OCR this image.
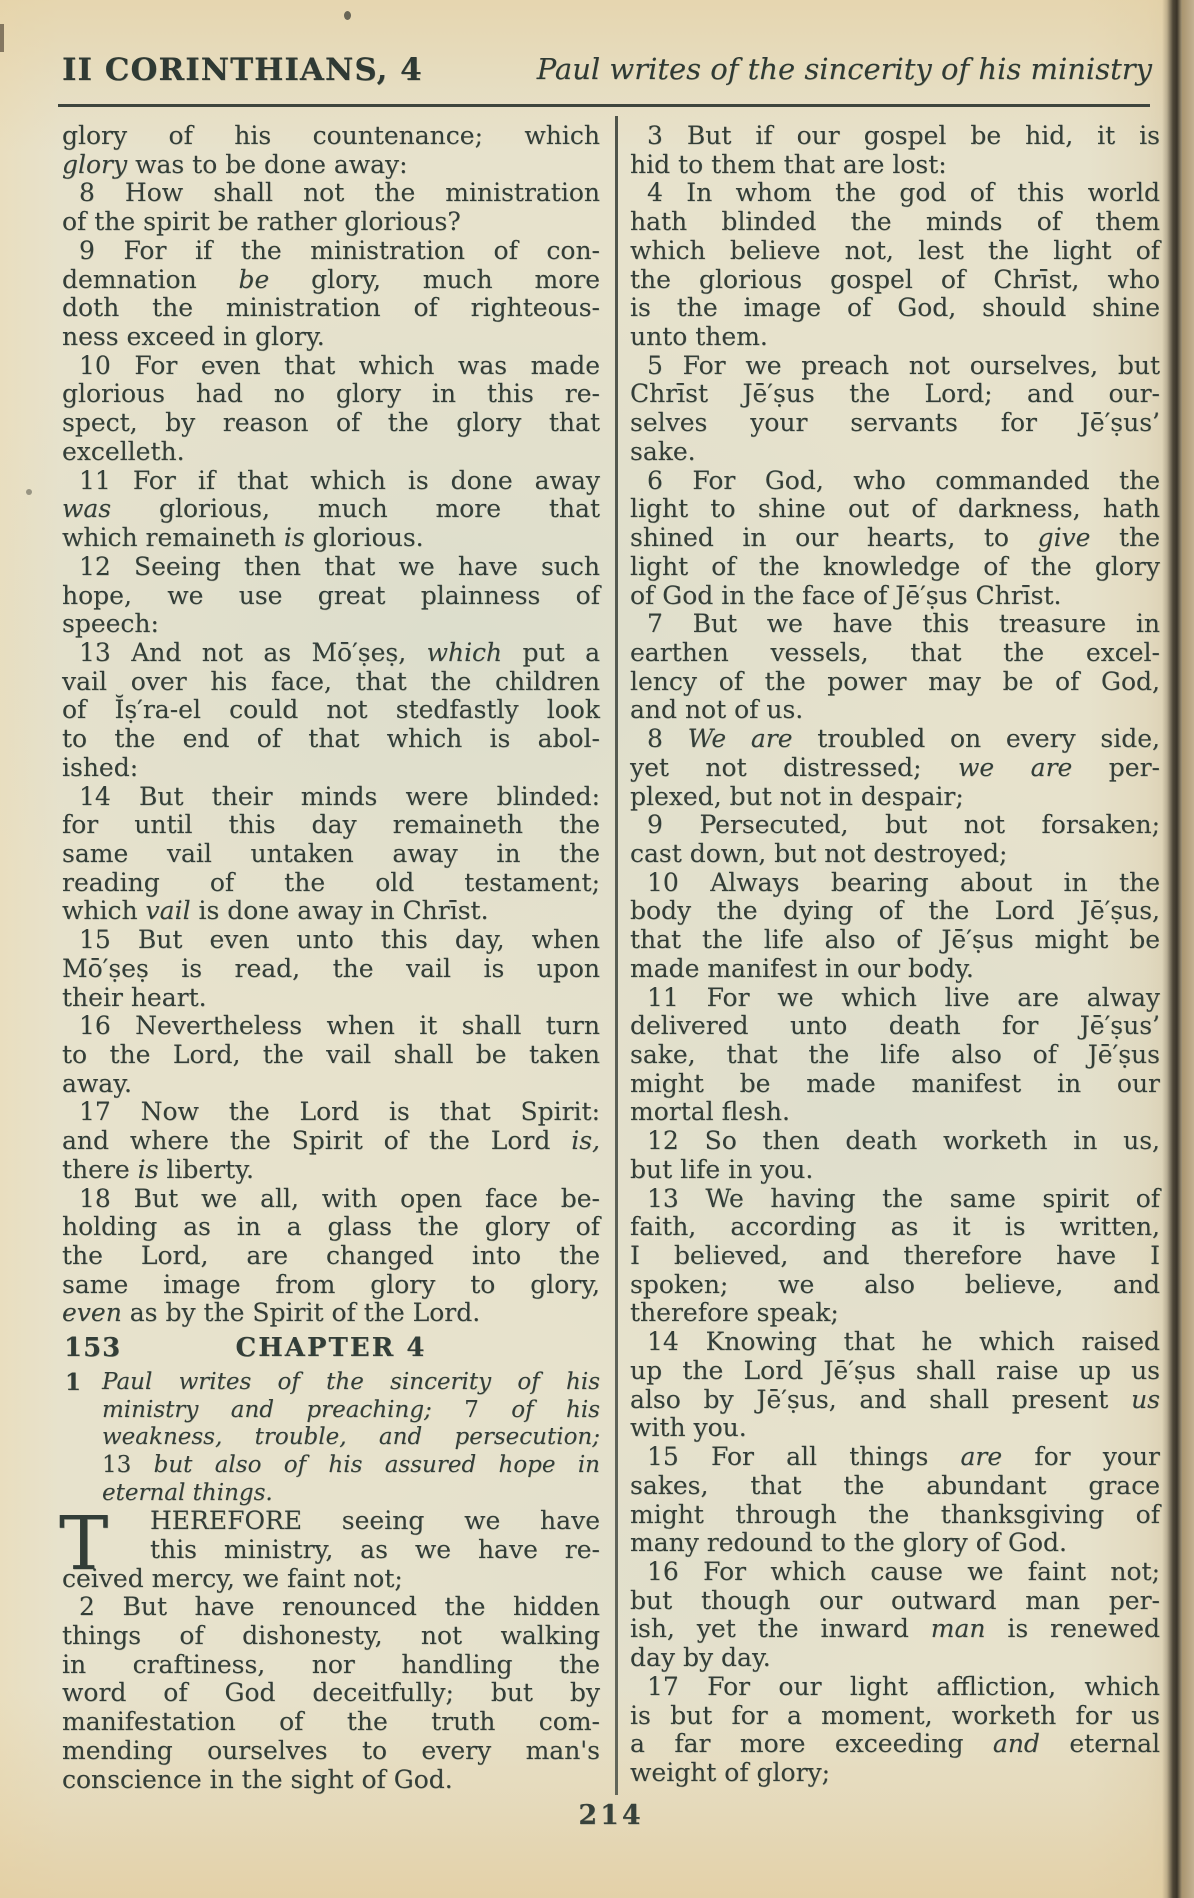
II CORINTHIANS, 4	Paul writes of the sincerity of his ministry
glory of his countenance; which
glory was to be done away:
8 How shall not the ministration
of the spirit be rather glorious?
9 For if the ministration of con-
demnation be glory, much more
doth the ministration of righteous-
ness exceed in glory.
10 For even that which was made
glorious had no glory in this re-
spect, by reason of the glory that
excelleth.
11 For if that which is done away
was glorious, much more that
which remaineth is glorious.
12 Seeing then that we have such
hope, we use great plainness of
speech:
13 And not as Mō′ṣeṣ, which put a
vail over his face, that the children
of Ĭṣ′ra-el could not stedfastly look
to the end of that which is abol-
ished:
14 But their minds were blinded:
for until this day remaineth the
same vail untaken away in the
reading of the old testament;
which vail is done away in Chrīst.
15 But even unto this day, when
Mō′ṣeṣ is read, the vail is upon
their heart.
16 Nevertheless when it shall turn
to the Lord, the vail shall be taken
away.
17 Now the Lord is that Spirit:
and where the Spirit of the Lord is,
there is liberty.
18 But we all, with open face be-
holding as in a glass the glory of
the Lord, are changed into the
same image from glory to glory,
even as by the Spirit of the Lord.
153	CHAPTER 4
1 Paul writes of the sincerity of his
ministry and preaching; 7 of his
weakness, trouble, and persecution;
13 but also of his assured hope in
eternal things.
T HEREFORE seeing we have
this ministry, as we have re-
ceived mercy, we faint not;
2 But have renounced the hidden
things of dishonesty, not walking
in craftiness, nor handling the
word of God deceitfully; but by
manifestation of the truth com-
mending ourselves to every man's
conscience in the sight of God.
3 But if our gospel be hid, it is
hid to them that are lost:
4 In whom the god of this world
hath blinded the minds of them
which believe not, lest the light of
the glorious gospel of Chrīst, who
is the image of God, should shine
unto them.
5 For we preach not ourselves, but
Chrīst Jē′ṣus the Lord; and our-
selves your servants for Jē′ṣus’
sake.
6 For God, who commanded the
light to shine out of darkness, hath
shined in our hearts, to give the
light of the knowledge of the glory
of God in the face of Jē′ṣus Chrīst.
7 But we have this treasure in
earthen vessels, that the excel-
lency of the power may be of God,
and not of us.
8 We are troubled on every side,
yet not distressed; we are per-
plexed, but not in despair;
9 Persecuted, but not forsaken;
cast down, but not destroyed;
10 Always bearing about in the
body the dying of the Lord Jē′ṣus,
that the life also of Jē′ṣus might be
made manifest in our body.
11 For we which live are alway
delivered unto death for Jē′ṣus’
sake, that the life also of Jē′ṣus
might be made manifest in our
mortal flesh.
12 So then death worketh in us,
but life in you.
13 We having the same spirit of
faith, according as it is written,
I believed, and therefore have I
spoken; we also believe, and
therefore speak;
14 Knowing that he which raised
up the Lord Jē′ṣus shall raise up us
also by Jē′ṣus, and shall present us
with you.
15 For all things are for your
sakes, that the abundant grace
might through the thanksgiving of
many redound to the glory of God.
16 For which cause we faint not;
but though our outward man per-
ish, yet the inward man is renewed
day by day.
17 For our light affliction, which
is but for a moment, worketh for us
a far more exceeding and eternal
weight of glory;
214
